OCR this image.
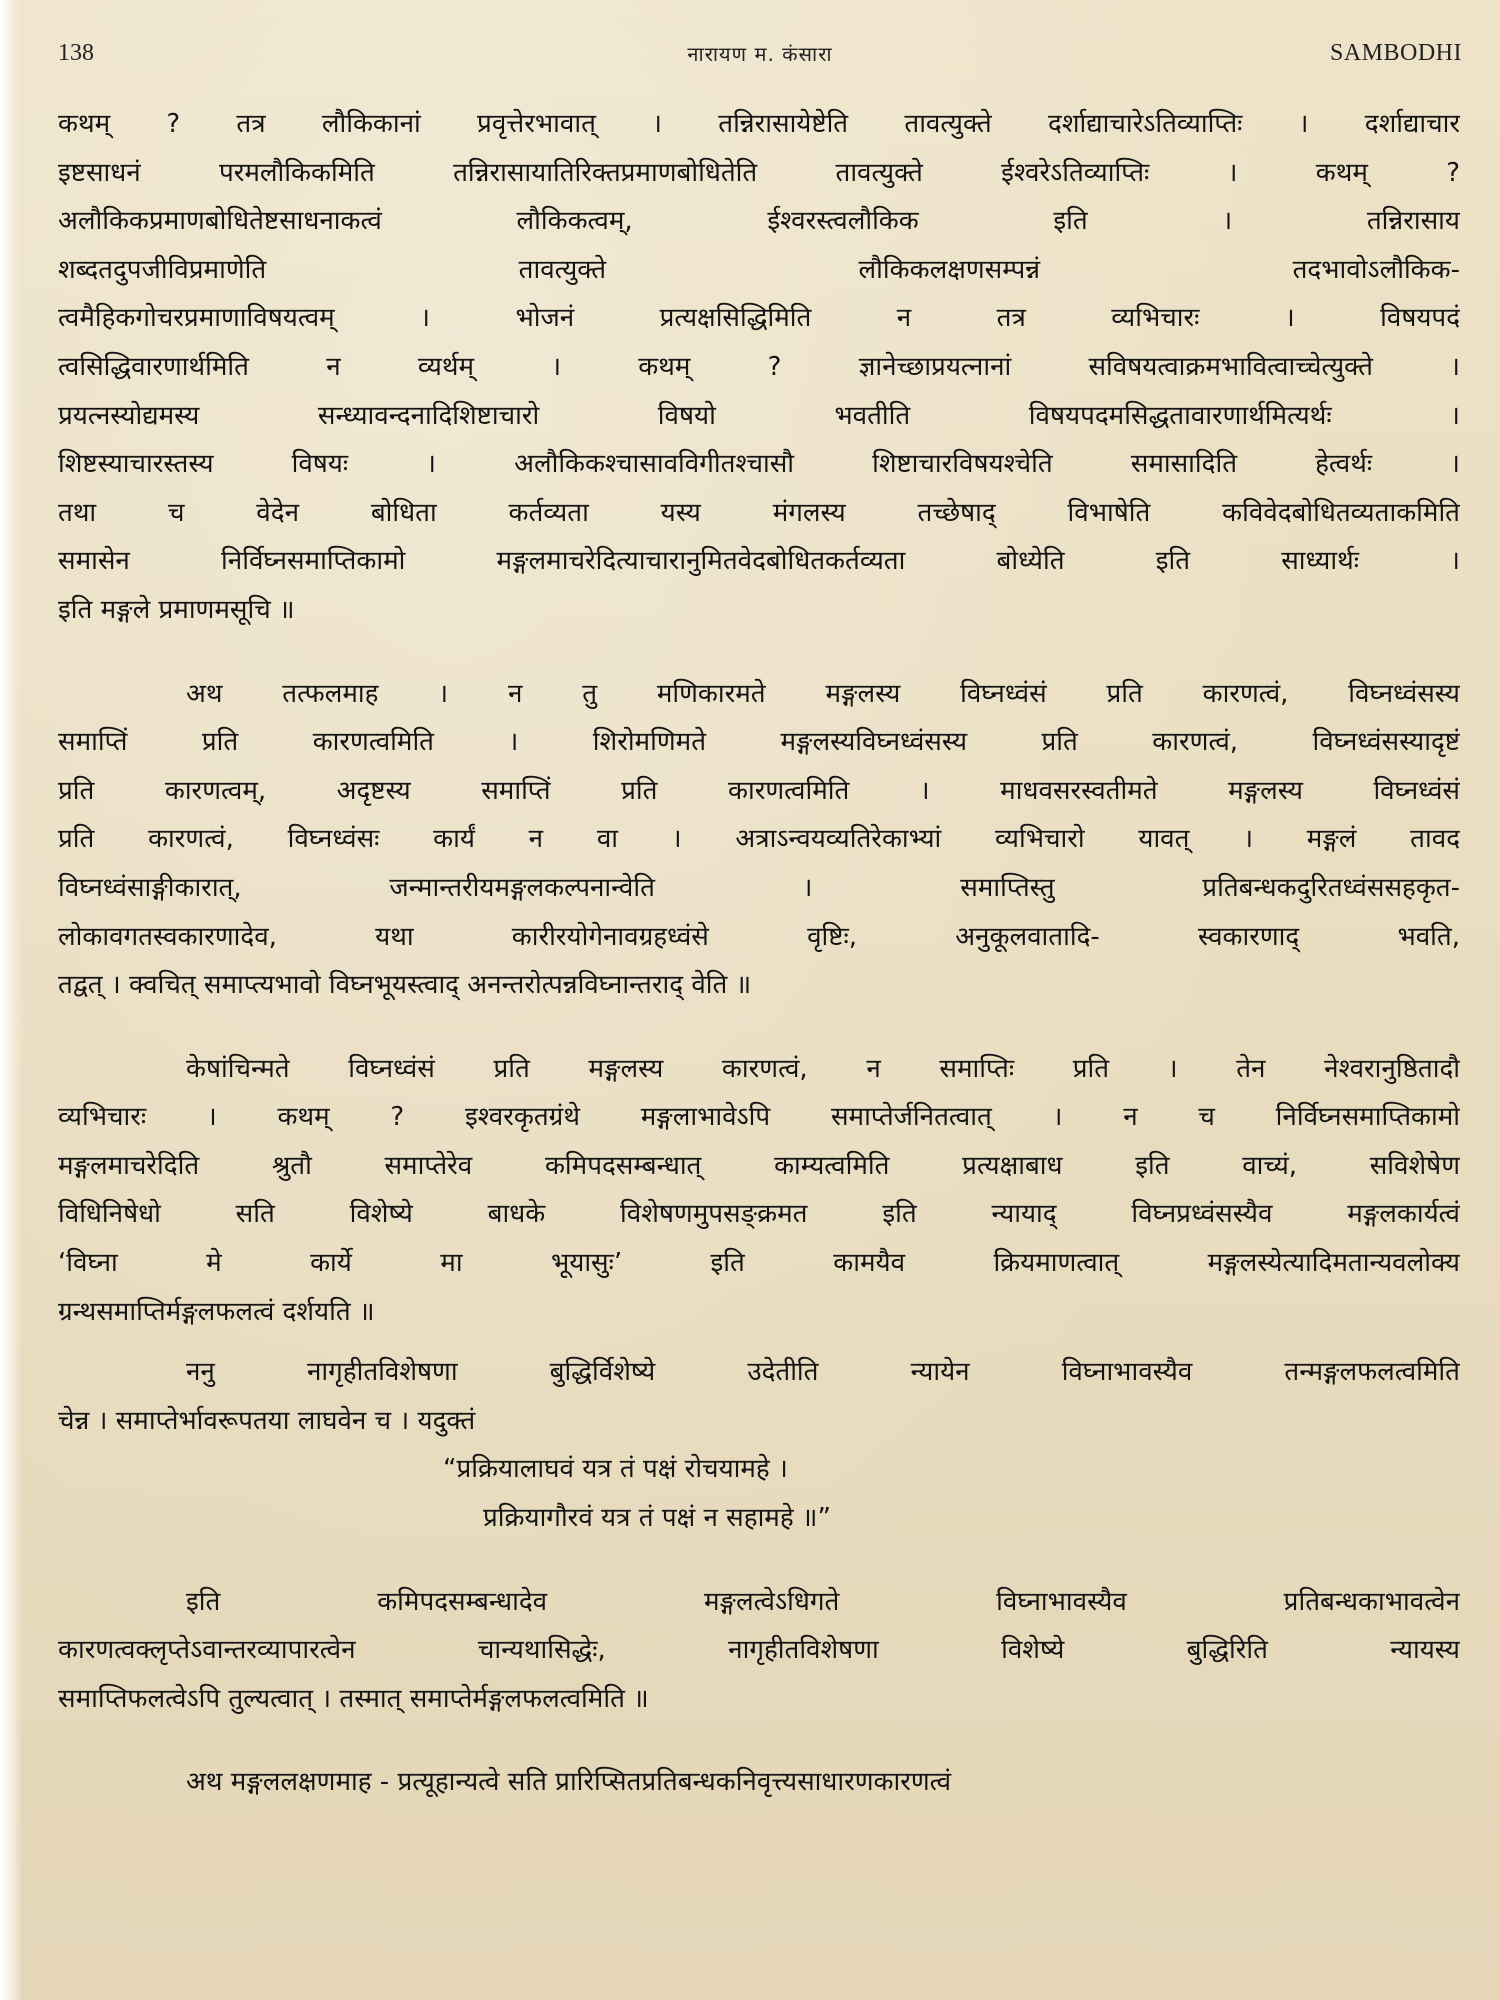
138	नारायण म. कंसारा	SAMBODHI
कथम् ? तत्र लौकिकानां प्रवृत्तेरभावात् । तन्निरासायेष्टेति तावत्युक्ते दर्शाद्याचारेऽतिव्याप्तिः । दर्शाद्याचार
इष्टसाधनं परमलौकिकमिति तन्निरासायातिरिक्तप्रमाणबोधितेति तावत्युक्ते ईश्वरेऽतिव्याप्तिः । कथम् ?
अलौकिकप्रमाणबोधितेष्टसाधनाकत्वं लौकिकत्वम्, ईश्वरस्त्वलौकिक इति । तन्निरासाय
शब्दतदुपजीविप्रमाणेति तावत्युक्ते लौकिकलक्षणसम्पन्नं तदभावोऽलौकिक-
त्वमैहिकगोचरप्रमाणाविषयत्वम् । भोजनं प्रत्यक्षसिद्धिमिति न तत्र व्यभिचारः । विषयपदं
त्वसिद्धिवारणार्थमिति न व्यर्थम् । कथम् ? ज्ञानेच्छाप्रयत्नानां सविषयत्वाक्रमभावित्वाच्चेत्युक्ते ।
प्रयत्नस्योद्यमस्य सन्ध्यावन्दनादिशिष्टाचारो विषयो भवतीति विषयपदमसिद्धतावारणार्थमित्यर्थः ।
शिष्टस्याचारस्तस्य विषयः । अलौकिकश्चासावविगीतश्चासौ शिष्टाचारविषयश्चेति समासादिति हेत्वर्थः ।
तथा च वेदेन बोधिता कर्तव्यता यस्य मंगलस्य तच्छेषाद् विभाषेति कविवेदबोधितव्यताकमिति
समासेन निर्विघ्नसमाप्तिकामो मङ्गलमाचरेदित्याचारानुमितवेदबोधितकर्तव्यता बोध्येति इति साध्यार्थः ।
इति मङ्गले प्रमाणमसूचि ॥
अथ तत्फलमाह । न तु मणिकारमते मङ्गलस्य विघ्नध्वंसं प्रति कारणत्वं, विघ्नध्वंसस्य
समाप्तिं प्रति कारणत्वमिति । शिरोमणिमते मङ्गलस्यविघ्नध्वंसस्य प्रति कारणत्वं, विघ्नध्वंसस्यादृष्टं
प्रति कारणत्वम्, अदृष्टस्य समाप्तिं प्रति कारणत्वमिति । माधवसरस्वतीमते मङ्गलस्य विघ्नध्वंसं
प्रति कारणत्वं, विघ्नध्वंसः कार्यं न वा । अत्राऽन्वयव्यतिरेकाभ्यां व्यभिचारो यावत् । मङ्गलं तावद
विघ्नध्वंसाङ्गीकारात्, जन्मान्तरीयमङ्गलकल्पनान्वेति । समाप्तिस्तु प्रतिबन्धकदुरितध्वंससहकृत-
लोकावगतस्वकारणादेव, यथा कारीरयोगेनावग्रहध्वंसे वृष्टिः, अनुकूलवातादि- स्वकारणाद् भवति,
तद्वत् । क्वचित् समाप्त्यभावो विघ्नभूयस्त्वाद् अनन्तरोत्पन्नविघ्नान्तराद् वेति ॥
केषांचिन्मते विघ्नध्वंसं प्रति मङ्गलस्य कारणत्वं, न समाप्तिः प्रति । तेन नेश्वरानुष्ठितादौ
व्यभिचारः । कथम् ? इश्वरकृतग्रंथे मङ्गलाभावेऽपि समाप्तेर्जनितत्वात् । न च निर्विघ्नसमाप्तिकामो
मङ्गलमाचरेदिति श्रुतौ समाप्तेरेव कमिपदसम्बन्धात् काम्यत्वमिति प्रत्यक्षाबाध इति वाच्यं, सविशेषेण
विधिनिषेधो सति विशेष्ये बाधके विशेषणमुपसङ्क्रमत इति न्यायाद् विघ्नप्रध्वंसस्यैव मङ्गलकार्यत्वं
‘विघ्ना मे कार्ये मा भूयासुः’ इति कामयैव क्रियमाणत्वात् मङ्गलस्येत्यादिमतान्यवलोक्य
ग्रन्थसमाप्तिर्मङ्गलफलत्वं दर्शयति ॥
ननु नागृहीतविशेषणा बुद्धिर्विशेष्ये उदेतीति न्यायेन विघ्नाभावस्यैव तन्मङ्गलफलत्वमिति
चेन्न । समाप्तेर्भावरूपतया लाघवेन च । यदुक्तं
“प्रक्रियालाघवं यत्र तं पक्षं रोचयामहे ।
प्रक्रियागौरवं यत्र तं पक्षं न सहामहे ॥”
इति कमिपदसम्बन्धादेव मङ्गलत्वेऽधिगते विघ्नाभावस्यैव प्रतिबन्धकाभावत्वेन
कारणत्वक्लृप्तेऽवान्तरव्यापारत्वेन चान्यथासिद्धेः, नागृहीतविशेषणा विशेष्ये बुद्धिरिति न्यायस्य
समाप्तिफलत्वेऽपि तुल्यत्वात् । तस्मात् समाप्तेर्मङ्गलफलत्वमिति ॥
अथ मङ्गललक्षणमाह - प्रत्यूहान्यत्वे सति प्रारिप्सितप्रतिबन्धकनिवृत्त्यसाधारणकारणत्वं
